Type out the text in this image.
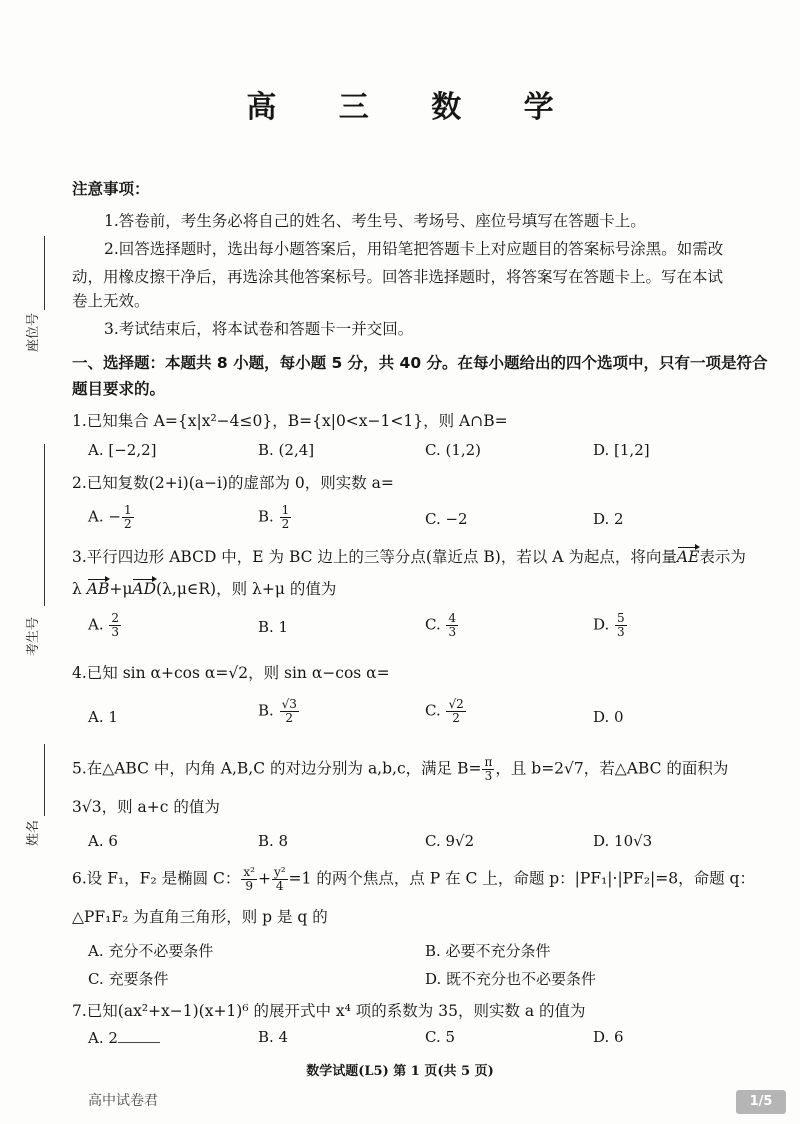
高 三 数 学
座位号
考生号
姓名
注意事项：
1.答卷前，考生务必将自己的姓名、考生号、考场号、座位号填写在答题卡上。
2.回答选择题时，选出每小题答案后，用铅笔把答题卡上对应题目的答案标号涂黑。如需改
动，用橡皮擦干净后，再选涂其他答案标号。回答非选择题时，将答案写在答题卡上。写在本试
卷上无效。
3.考试结束后，将本试卷和答题卡一并交回。
一、选择题：本题共 8 小题，每小题 5 分，共 40 分。在每小题给出的四个选项中，只有一项是符合
题目要求的。
1.已知集合 A={x|x²−4≤0}，B={x|0<x−1<1}，则 A∩B=
A. [−2,2]	B. (2,4]	C. (1,2)	D. [1,2]
2.已知复数(2+i)(a−i)的虚部为 0，则实数 a=
A. − $\frac{1}{2}$	B. $\frac{1}{2}$	C. −2	D. 2
3.平行四边形 ABCD 中，E 为 BC 边上的三等分点(靠近点 B)，若以 A 为起点，将向量AE表示为
λ AB+μAD(λ,μ∈R)，则 λ+μ 的值为
A. $\frac{2}{3}$	B. 1	C. $\frac{4}{3}$	D. $\frac{5}{3}$
4.已知 sin α+cos α=√2，则 sin α−cos α=
A. 1	B. $\frac{√3}{2}$	C. $\frac{√2}{2}$	D. 0
5.在△ABC 中，内角 A,B,C 的对边分别为 a,b,c，满足 $B= \frac{\pi}{3}$ ，且 b=2√7，若△ABC 的面积为
3√3，则 a+c 的值为
A. 6	B. 8	C. 9√2	D. 10√3
6.设 F₁，F₂ 是椭圆 C： $\frac{\text{x²}}{9} + \frac{\text{y²}}{4} =1$ 的两个焦点，点 P 在 C 上，命题 p：|PF₁|·|PF₂|=8，命题 q：
△PF₁F₂ 为直角三角形，则 p 是 q 的
A. 充分不必要条件	B. 必要不充分条件
C. 充要条件	D. 既不充分也不必要条件
7.已知(ax²+x−1)(x+1)⁶ 的展开式中 x⁴ 项的系数为 35，则实数 a 的值为
A. 2	B. 4	C. 5	D. 6
数学试题(L5) 第 1 页(共 5 页)
高中试卷君	1/5
